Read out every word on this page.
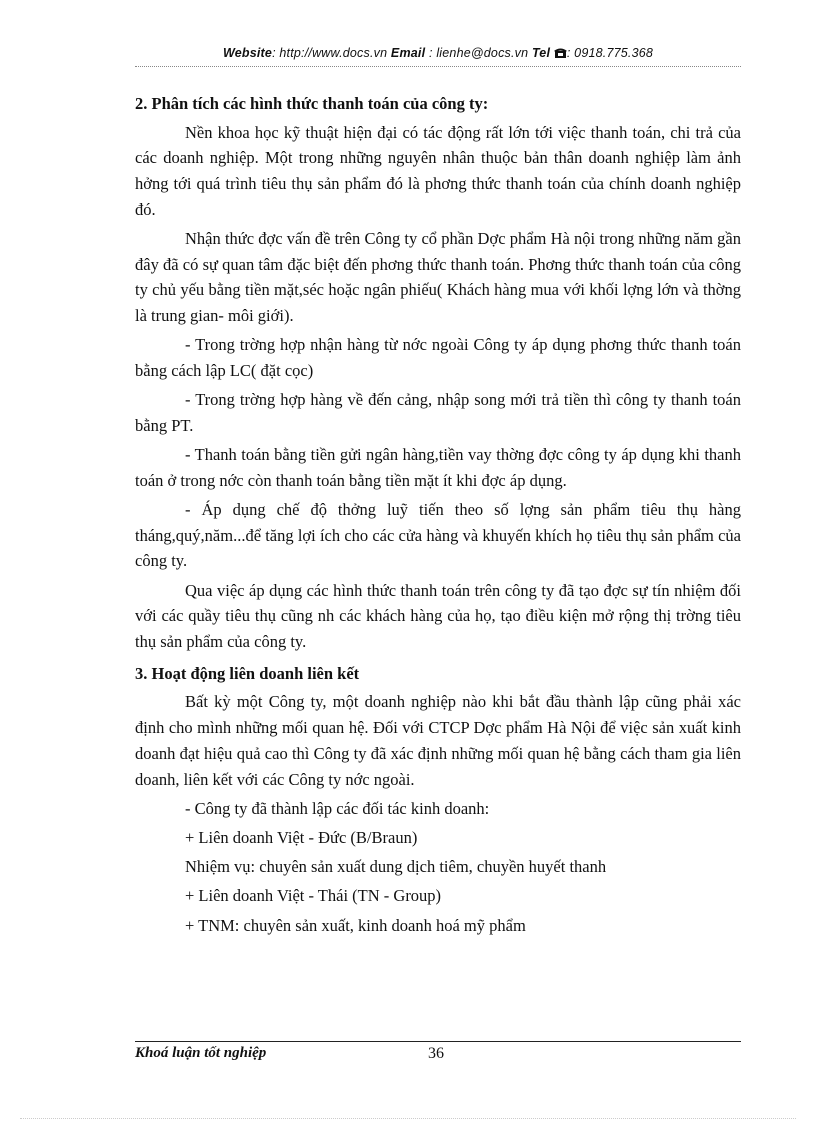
Website: http://www.docs.vn Email : lienhe@docs.vn Tel : 0918.775.368
2. Phân tích các hình thức thanh toán của công ty:

Nền khoa học kỹ thuật hiện đại có tác động rất lớn tới việc thanh toán, chi trả của các doanh nghiệp. Một trong những nguyên nhân thuộc bản thân doanh nghiệp làm ảnh hởng tới quá trình tiêu thụ sản phẩm đó là phơng thức thanh toán của chính doanh nghiệp đó.

Nhận thức đợc vấn đề trên Công ty cổ phần Dợc phẩm Hà nội trong những năm gần đây đã có sự quan tâm đặc biệt đến phơng thức thanh toán. Phơng thức thanh toán của công ty chủ yếu bằng tiền mặt,séc hoặc ngân phiếu( Khách hàng mua với khối lợng lớn và thờng là trung gian- môi giới).

- Trong trờng hợp nhận hàng từ nớc ngoài Công ty áp dụng phơng thức thanh toán bằng cách lập LC( đặt cọc)

- Trong trờng hợp hàng về đến cảng, nhập song mới trả tiền thì công ty thanh toán bằng PT.

- Thanh toán bằng tiền gửi ngân hàng,tiền vay thờng đợc công ty áp dụng khi thanh toán ở trong nớc còn thanh toán bằng tiền mặt ít khi đợc áp dụng.

- Áp dụng chế độ thởng luỹ tiến theo số lợng sản phẩm tiêu thụ hàng tháng,quý,năm...để tăng lợi ích cho các cửa hàng và khuyến khích họ tiêu thụ sản phẩm của công ty.

Qua việc áp dụng các hình thức thanh toán trên công ty đã tạo đợc sự tín nhiệm đối với các quầy tiêu thụ cũng nh các khách hàng của họ, tạo điều kiện mở rộng thị trờng tiêu thụ sản phẩm của công ty.

3. Hoạt động liên doanh liên kết

Bất kỳ một Công ty, một doanh nghiệp nào khi bắt đầu thành lập cũng phải xác định cho mình những mối quan hệ. Đối với CTCP Dợc phẩm Hà Nội để việc sản xuất kinh doanh đạt hiệu quả cao thì Công ty đã xác định những mối quan hệ bằng cách tham gia liên doanh, liên kết với các Công ty nớc ngoài.

- Công ty đã thành lập các đối tác kinh doanh:

+ Liên doanh Việt - Đức (B/Braun)

Nhiệm vụ: chuyên sản xuất dung dịch tiêm, chuyền huyết thanh

+ Liên doanh Việt - Thái (TN - Group)

+ TNM: chuyên sản xuất, kinh doanh hoá mỹ phẩm

Khoá luận tốt nghiệp	36
